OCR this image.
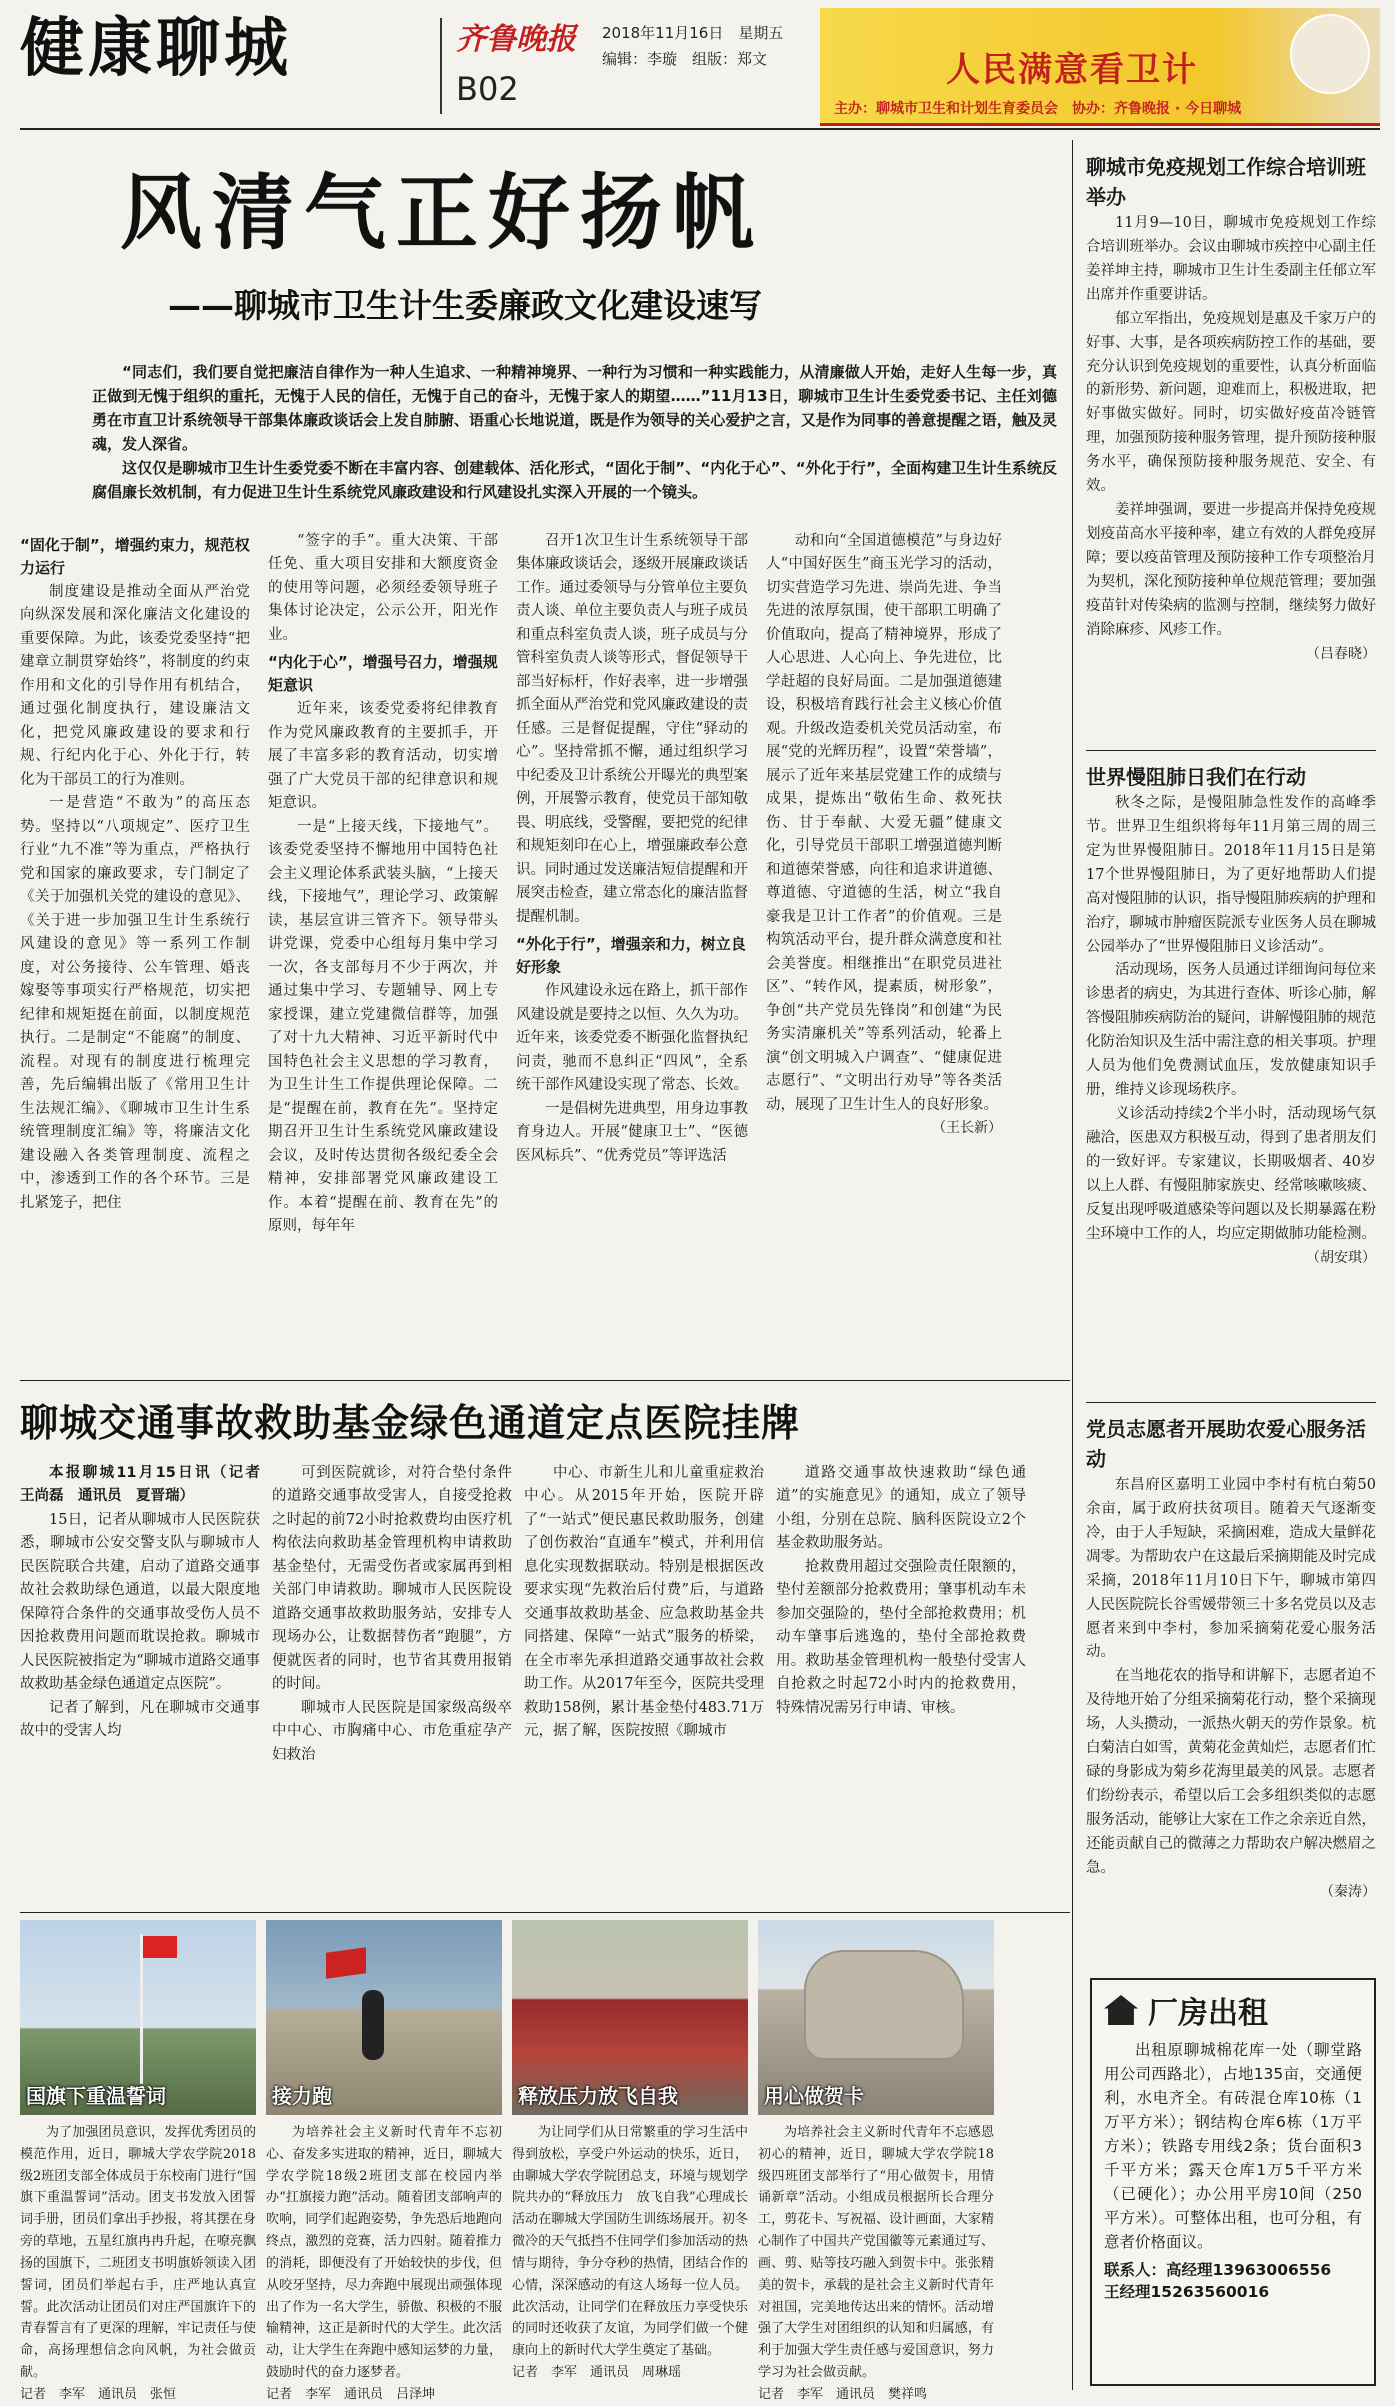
健康聊城	齐鲁晚报 2018年11月16日　星期五
编辑：李璇　组版：郑文
B02	人民满意看卫计
主办：聊城市卫生和计划生育委员会　协办：齐鲁晚报 · 今日聊城
风清气正好扬帆
——聊城市卫生计生委廉政文化建设速写

“同志们，我们要自觉把廉洁自律作为一种人生追求、一种精神境界、一种行为习惯和一种实践能力，从清廉做人开始，走好人生每一步，真正做到无愧于组织的重托，无愧于人民的信任，无愧于自己的奋斗，无愧于家人的期望……”11月13日，聊城市卫生计生委党委书记、主任刘德勇在市直卫计系统领导干部集体廉政谈话会上发自肺腑、语重心长地说道，既是作为领导的关心爱护之言，又是作为同事的善意提醒之语，触及灵魂，发人深省。

这仅仅是聊城市卫生计生委党委不断在丰富内容、创建载体、活化形式，“固化于制”、“内化于心”、“外化于行”，全面构建卫生计生系统反腐倡廉长效机制，有力促进卫生计生系统党风廉政建设和行风建设扎实深入开展的一个镜头。

“固化于制”，增强约束力，规范权力运行

制度建设是推动全面从严治党向纵深发展和深化廉洁文化建设的重要保障。为此，该委党委坚持“把建章立制贯穿始终”，将制度的约束作用和文化的引导作用有机结合，通过强化制度执行，建设廉洁文化，把党风廉政建设的要求和行规、行纪内化于心、外化于行，转化为干部员工的行为准则。

一是营造“不敢为”的高压态势。坚持以“八项规定”、医疗卫生行业“九不准”等为重点，严格执行党和国家的廉政要求，专门制定了《关于加强机关党的建设的意见》、《关于进一步加强卫生计生系统行风建设的意见》等一系列工作制度，对公务接待、公车管理、婚丧嫁娶等事项实行严格规范，切实把纪律和规矩挺在前面，以制度规范执行。二是制定“不能腐”的制度、流程。对现有的制度进行梳理完善，先后编辑出版了《常用卫生计生法规汇编》、《聊城市卫生计生系统管理制度汇编》等，将廉洁文化建设融入各类管理制度、流程之中，渗透到工作的各个环节。三是扎紧笼子，把住

“签字的手”。重大决策、干部任免、重大项目安排和大额度资金的使用等问题，必须经委领导班子集体讨论决定，公示公开，阳光作业。

“内化于心”，增强号召力，增强规矩意识

近年来，该委党委将纪律教育作为党风廉政教育的主要抓手，开展了丰富多彩的教育活动，切实增强了广大党员干部的纪律意识和规矩意识。

一是“上接天线，下接地气”。该委党委坚持不懈地用中国特色社会主义理论体系武装头脑，“上接天线，下接地气”，理论学习、政策解读，基层宣讲三管齐下。领导带头讲党课，党委中心组每月集中学习一次，各支部每月不少于两次，并通过集中学习、专题辅导、网上专家授课，建立党建微信群等，加强了对十九大精神、习近平新时代中国特色社会主义思想的学习教育，为卫生计生工作提供理论保障。二是“提醒在前，教育在先”。坚持定期召开卫生计生系统党风廉政建设会议，及时传达贯彻各级纪委全会精神，安排部署党风廉政建设工作。本着“提醒在前、教育在先”的原则，每年年

召开1次卫生计生系统领导干部集体廉政谈话会，逐级开展廉政谈话工作。通过委领导与分管单位主要负责人谈、单位主要负责人与班子成员和重点科室负责人谈，班子成员与分管科室负责人谈等形式，督促领导干部当好标杆，作好表率，进一步增强抓全面从严治党和党风廉政建设的责任感。三是督促提醒，守住“驿动的心”。坚持常抓不懈，通过组织学习中纪委及卫计系统公开曝光的典型案例，开展警示教育，使党员干部知敬畏、明底线，受警醒，要把党的纪律和规矩刻印在心上，增强廉政奉公意识。同时通过发送廉洁短信提醒和开展突击检查，建立常态化的廉洁监督提醒机制。

“外化于行”，增强亲和力，树立良好形象

作风建设永远在路上，抓干部作风建设就是要持之以恒、久久为功。近年来，该委党委不断强化监督执纪问责，驰而不息纠正“四风”，全系统干部作风建设实现了常态、长效。

一是倡树先进典型，用身边事教育身边人。开展“健康卫士”、“医德医风标兵”、“优秀党员”等评选活

动和向“全国道德模范”与身边好人“中国好医生”商玉光学习的活动，切实营造学习先进、崇尚先进、争当先进的浓厚氛围，使干部职工明确了价值取向，提高了精神境界，形成了人心思进、人心向上、争先进位，比学赶超的良好局面。二是加强道德建设，积极培育践行社会主义核心价值观。升级改造委机关党员活动室，布展“党的光辉历程”，设置“荣誉墙”，展示了近年来基层党建工作的成绩与成果，提炼出“敬佑生命、救死扶伤、甘于奉献、大爱无疆”健康文化，引导党员干部职工增强道德判断和道德荣誉感，向往和追求讲道德、尊道德、守道德的生活，树立“我自豪我是卫计工作者”的价值观。三是构筑活动平台，提升群众满意度和社会美誉度。相继推出“在职党员进社区”、“转作风，提素质，树形象”，争创“共产党员先锋岗”和创建“为民务实清廉机关”等系列活动，轮番上演“创文明城入户调查”、“健康促进志愿行”、“文明出行劝导”等各类活动，展现了卫生计生人的良好形象。

（王长新）
聊城交通事故救助基金绿色通道定点医院挂牌

本报聊城11月15日讯（记者　王尚磊　通讯员　夏晋瑞）

15日，记者从聊城市人民医院获悉，聊城市公安交警支队与聊城市人民医院联合共建，启动了道路交通事故社会救助绿色通道，以最大限度地保障符合条件的交通事故受伤人员不因抢救费用问题而耽误抢救。聊城市人民医院被指定为“聊城市道路交通事故救助基金绿色通道定点医院”。

记者了解到，凡在聊城市交通事故中的受害人均

可到医院就诊，对符合垫付条件的道路交通事故受害人，自接受抢救之时起的前72小时抢救费均由医疗机构依法向救助基金管理机构申请救助基金垫付，无需受伤者或家属再到相关部门申请救助。聊城市人民医院设道路交通事故救助服务站，安排专人现场办公，让数据替伤者“跑腿”，方便就医者的同时，也节省其费用报销的时间。

聊城市人民医院是国家级高级卒中中心、市胸痛中心、市危重症孕产妇救治

中心、市新生儿和儿童重症救治中心。从2015年开始，医院开辟了“一站式”便民惠民救助服务，创建了创伤救治“直通车”模式，并利用信息化实现数据联动。特别是根据医改要求实现“先救治后付费”后，与道路交通事故救助基金、应急救助基金共同搭建、保障“一站式”服务的桥梁，在全市率先承担道路交通事故社会救助工作。从2017年至今，医院共受理救助158例，累计基金垫付483.71万元，据了解，医院按照《聊城市

道路交通事故快速救助“绿色通道”的实施意见》的通知，成立了领导小组，分别在总院、脑科医院设立2个基金救助服务站。

抢救费用超过交强险责任限额的，垫付差额部分抢救费用；肇事机动车未参加交强险的，垫付全部抢救费用；机动车肇事后逃逸的，垫付全部抢救费用。救助基金管理机构一般垫付受害人自抢救之时起72小时内的抢救费用，特殊情况需另行申请、审核。

国旗下重温誓词	接力跑	释放压力放飞自我	用心做贺卡

为了加强团员意识，发挥优秀团员的模范作用，近日，聊城大学农学院2018级2班团支部全体成员于东校南门进行“国旗下重温誓词”活动。团支书发放入团誓词手册，团员们拿出手抄报，将其摆在身旁的草地，五星红旗冉冉升起，在嘹亮飘扬的国旗下，二班团支书明旗娇领读入团誓词，团员们举起右手，庄严地认真宣誓。此次活动让团员们对庄严国旗许下的青春誓言有了更深的理解，牢记责任与使命，高扬理想信念向风帆，为社会做贡献。

记者　李军　通讯员　张恒

为培养社会主义新时代青年不忘初心、奋发多实进取的精神，近日，聊城大学农学院18级2班团支部在校园内举办“扛旗接力跑”活动。随着团支部响声的吹响，同学们起跑姿势，争先恐后地跑向终点，激烈的竞赛，活力四射。随着推力的消耗，即便没有了开始较快的步伐，但从咬牙坚持，尽力奔跑中展现出顽强体现出了作为一名大学生，骄傲、积极的不服输精神，这正是新时代的大学生。此次活动，让大学生在奔跑中感知运梦的力量，鼓励时代的奋力逐梦者。

记者　李军　通讯员　吕泽坤

为让同学们从日常繁重的学习生活中得到放松，享受户外运动的快乐，近日，由聊城大学农学院团总支，环境与规划学院共办的“释放压力　放飞自我”心理成长活动在聊城大学国防生训练场展开。初冬微冷的天气抵挡不住同学们参加活动的热情与期待，争分夺秒的热情，团结合作的心情，深深感动的有这人场每一位人员。此次活动，让同学们在释放压力享受快乐的同时还收获了友谊，为同学们做一个健康向上的新时代大学生奠定了基础。

记者　李军　通讯员　周琳瑶

为培养社会主义新时代青年不忘感恩初心的精神，近日，聊城大学农学院18级四班团支部举行了“用心做贺卡，用情诵新章”活动。小组成员根据所长合理分工，剪花卡、写祝福、设计画面，大家精心制作了中国共产党国徽等元素通过写、画、剪、贴等技巧融入到贺卡中。张张精美的贺卡，承载的是社会主义新时代青年对祖国，完美地传达出来的情怀。活动增强了大学生对团组织的认知和归属感，有利于加强大学生责任感与爱国意识，努力学习为社会做贡献。

记者　李军　通讯员　樊祥鸣

聊城市免疫规划工作综合培训班举办

11月9—10日，聊城市免疫规划工作综合培训班举办。会议由聊城市疾控中心副主任姜祥坤主持，聊城市卫生计生委副主任郁立军出席并作重要讲话。

郁立军指出，免疫规划是惠及千家万户的好事、大事，是各项疾病防控工作的基础，要充分认识到免疫规划的重要性，认真分析面临的新形势、新问题，迎难而上，积极进取，把好事做实做好。同时，切实做好疫苗冷链管理，加强预防接种服务管理，提升预防接种服务水平，确保预防接种服务规范、安全、有效。

姜祥坤强调，要进一步提高并保持免疫规划疫苗高水平接种率，建立有效的人群免疫屏障；要以疫苗管理及预防接种工作专项整治月为契机，深化预防接种单位规范管理；要加强疫苗针对传染病的监测与控制，继续努力做好消除麻疹、风疹工作。

（吕春晓）
世界慢阻肺日我们在行动

秋冬之际，是慢阻肺急性发作的高峰季节。世界卫生组织将每年11月第三周的周三定为世界慢阻肺日。2018年11月15日是第17个世界慢阻肺日，为了更好地帮助人们提高对慢阻肺的认识，指导慢阻肺疾病的护理和治疗，聊城市肿瘤医院派专业医务人员在聊城公园举办了“世界慢阻肺日义诊活动”。

活动现场，医务人员通过详细询问每位来诊患者的病史，为其进行查体、听诊心肺，解答慢阻肺疾病防治的疑问，讲解慢阻肺的规范化防治知识及生活中需注意的相关事项。护理人员为他们免费测试血压，发放健康知识手册，维持义诊现场秩序。

义诊活动持续2个半小时，活动现场气氛融洽，医患双方积极互动，得到了患者朋友们的一致好评。专家建议，长期吸烟者、40岁以上人群、有慢阻肺家族史、经常咳嗽咳痰、反复出现呼吸道感染等问题以及长期暴露在粉尘环境中工作的人，均应定期做肺功能检测。

（胡安琪）
党员志愿者开展助农爱心服务活动

东昌府区嘉明工业园中李村有杭白菊50余亩，属于政府扶贫项目。随着天气逐渐变冷，由于人手短缺，采摘困难，造成大量鲜花凋零。为帮助农户在这最后采摘期能及时完成采摘，2018年11月10日下午，聊城市第四人民医院院长谷雪媛带领三十多名党员以及志愿者来到中李村，参加采摘菊花爱心服务活动。

在当地花农的指导和讲解下，志愿者迫不及待地开始了分组采摘菊花行动，整个采摘现场，人头攒动，一派热火朝天的劳作景象。杭白菊洁白如雪，黄菊花金黄灿烂，志愿者们忙碌的身影成为菊乡花海里最美的风景。志愿者们纷纷表示，希望以后工会多组织类似的志愿服务活动，能够让大家在工作之余亲近自然，还能贡献自己的微薄之力帮助农户解决燃眉之急。

（秦涛）
厂房出租
出租原聊城棉花库一处（聊堂路用公司西路北），占地135亩，交通便利，水电齐全。有砖混仓库10栋（1万平方米）；钢结构仓库6栋（1万平方米）；铁路专用线2条；货台面积3千平方米；露天仓库1万5千平方米（已硬化）；办公用平房10间（250平方米）。可整体出租，也可分租，有意者价格面议。
联系人：高经理13963006556
王经理15263560016
